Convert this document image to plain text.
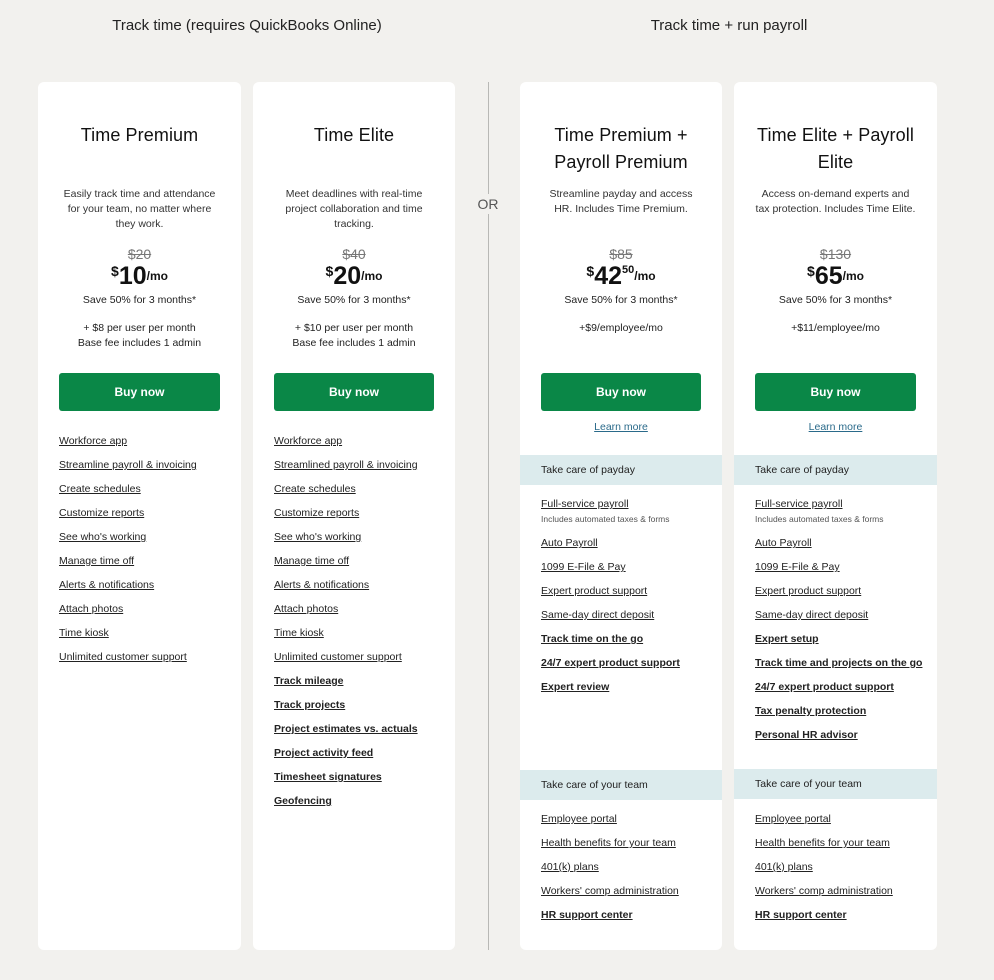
Track time (requires QuickBooks Online)	Track time + run payroll
OR
Time Premium

Easily track time and attendance for your team, no matter where they work.

$20
$\$10^{/mo}$
Save 50% for 3 months*
+ $8 per user per month
Base fee includes 1 admin
Buy now
Workforce app
Streamline payroll & invoicing
Create schedules
Customize reports
See who's working
Manage time off
Alerts & notifications
Attach photos
Time kiosk
Unlimited customer support
Time Elite

Meet deadlines with real-time project collaboration and time tracking.

$40
$\$20^{/mo}$
Save 50% for 3 months*
+ $10 per user per month
Base fee includes 1 admin
Buy now
Workforce app
Streamlined payroll & invoicing
Create schedules
Customize reports
See who's working
Manage time off
Alerts & notifications
Attach photos
Time kiosk
Unlimited customer support
Track mileage
Track projects
Project estimates vs. actuals
Project activity feed
Timesheet signatures
Geofencing
Time Premium + Payroll Premium

Streamline payday and access HR. Includes Time Premium.

$85
$\$42^{50/mo}$
Save 50% for 3 months*
+$9/employee/mo
Buy now
Learn more
Take care of payday
Full-service payroll
Includes automated taxes & forms
Auto Payroll
1099 E-File & Pay
Expert product support
Same-day direct deposit
Track time on the go
24/7 expert product support
Expert review
Take care of your team
Employee portal
Health benefits for your team
401(k) plans
Workers' comp administration
HR support center
Time Elite + Payroll Elite

Access on-demand experts and tax protection. Includes Time Elite.

$130
$\$65^{/mo}$
Save 50% for 3 months*
+$11/employee/mo
Buy now
Learn more
Take care of payday
Full-service payroll
Includes automated taxes & forms
Auto Payroll
1099 E-File & Pay
Expert product support
Same-day direct deposit
Expert setup
Track time and projects on the go
24/7 expert product support
Tax penalty protection
Personal HR advisor
Take care of your team
Employee portal
Health benefits for your team
401(k) plans
Workers' comp administration
HR support center
